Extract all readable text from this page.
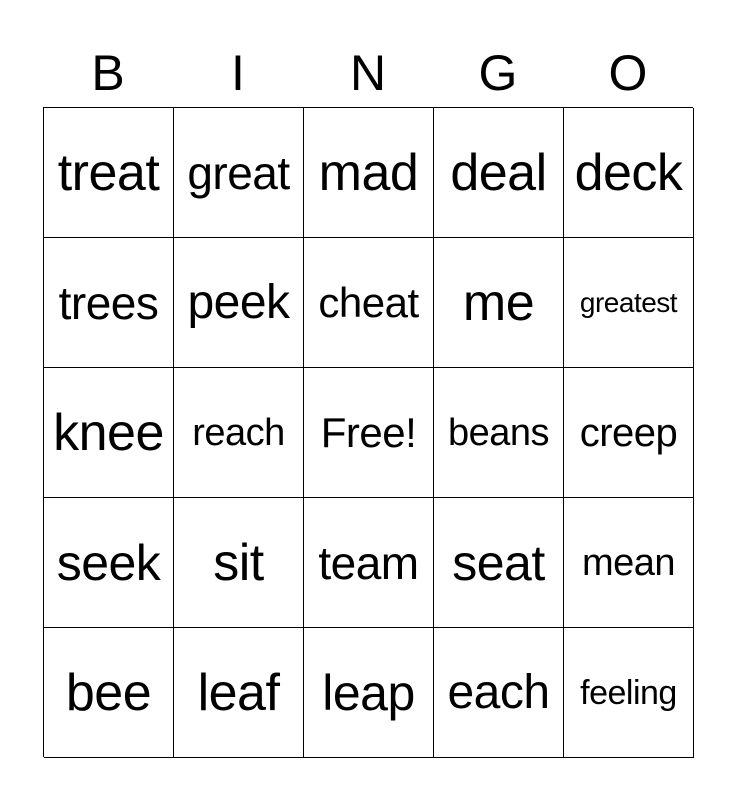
B	I	N	G	O
treat great mad deal deck
trees peek cheat me	greatest
knee reach Free! beans creep
seek	sit	team seat mean
bee leaf leap each feeling
